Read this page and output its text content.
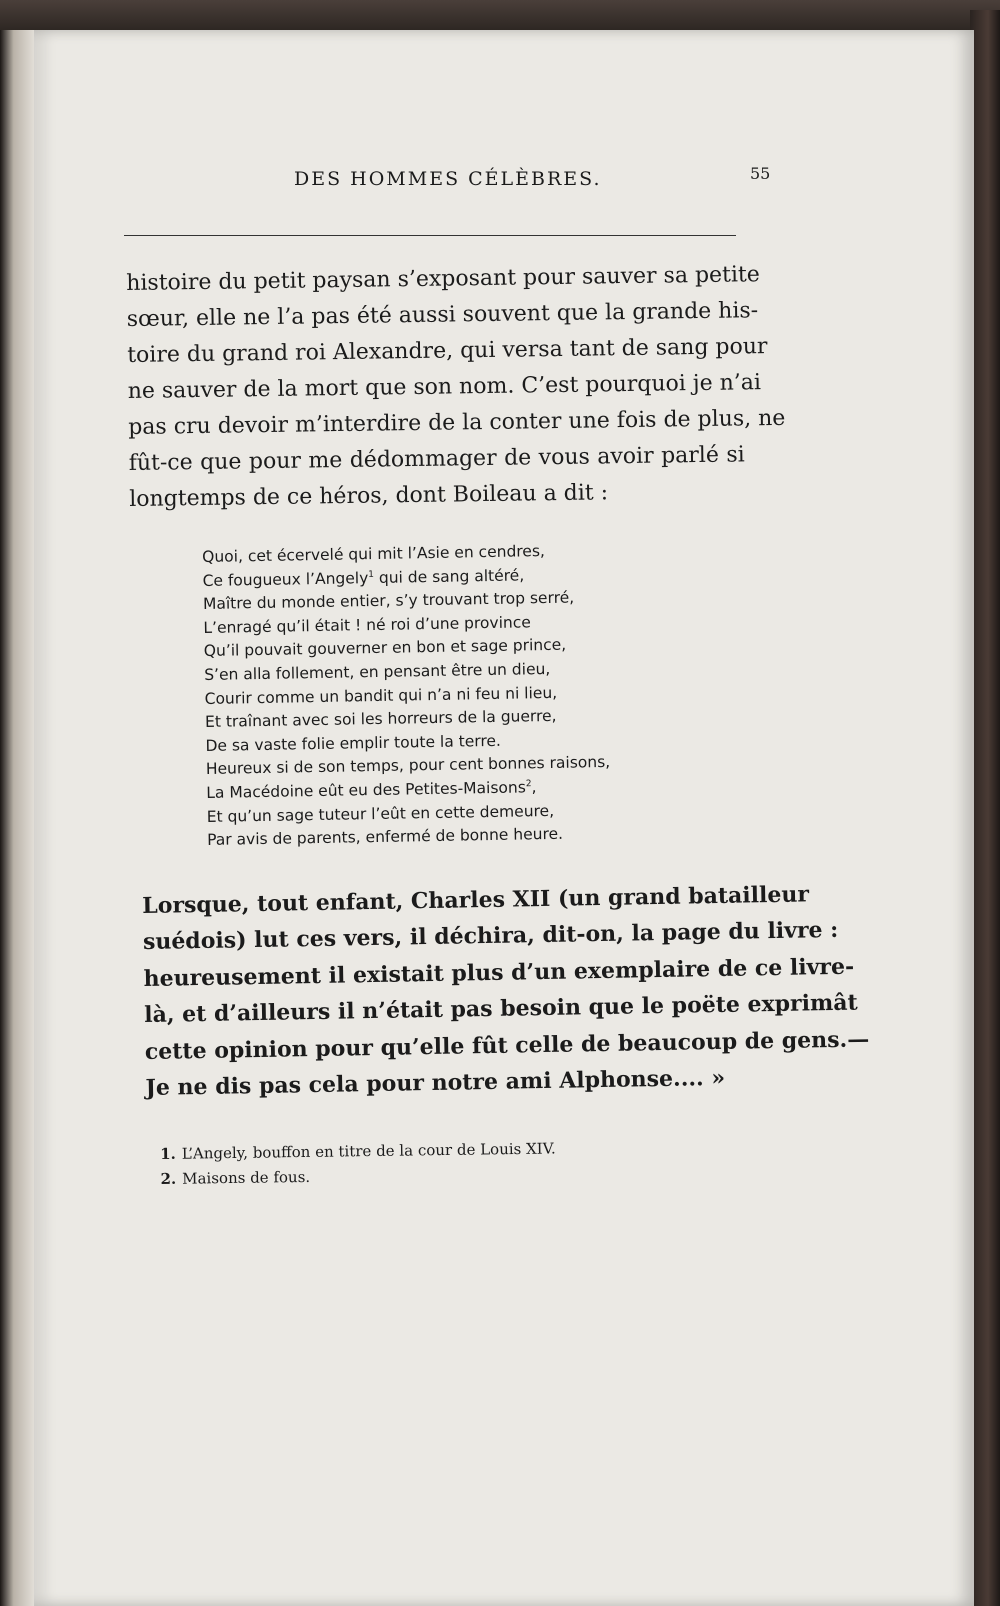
DES HOMMES CÉLÈBRES.	55
histoire du petit paysan s’exposant pour sauver sa petite
sœur, elle ne l’a pas été aussi souvent que la grande his-
toire du grand roi Alexandre, qui versa tant de sang pour
ne sauver de la mort que son nom. C’est pourquoi je n’ai
pas cru devoir m’interdire de la conter une fois de plus, ne
fût-ce que pour me dédommager de vous avoir parlé si
longtemps de ce héros, dont Boileau a dit :
Quoi, cet écervelé qui mit l’Asie en cendres,
Ce fougueux l’Angely$^1$ qui de sang altéré,
Maître du monde entier, s’y trouvant trop serré,
L’enragé qu’il était ! né roi d’une province
Qu’il pouvait gouverner en bon et sage prince,
S’en alla follement, en pensant être un dieu,
Courir comme un bandit qui n’a ni feu ni lieu,
Et traînant avec soi les horreurs de la guerre,
De sa vaste folie emplir toute la terre.
Heureux si de son temps, pour cent bonnes raisons,
La Macédoine eût eu des Petites-Maisons$^2$,
Et qu’un sage tuteur l’eût en cette demeure,
Par avis de parents, enfermé de bonne heure.
Lorsque, tout enfant, Charles XII (un grand batailleur
suédois) lut ces vers, il déchira, dit-on, la page du livre :
heureusement il existait plus d’un exemplaire de ce livre-
là, et d’ailleurs il n’était pas besoin que le poëte exprimât
cette opinion pour qu’elle fût celle de beaucoup de gens.—
Je ne dis pas cela pour notre ami Alphonse.... »
1. L’Angely, bouffon en titre de la cour de Louis XIV.
2. Maisons de fous.
